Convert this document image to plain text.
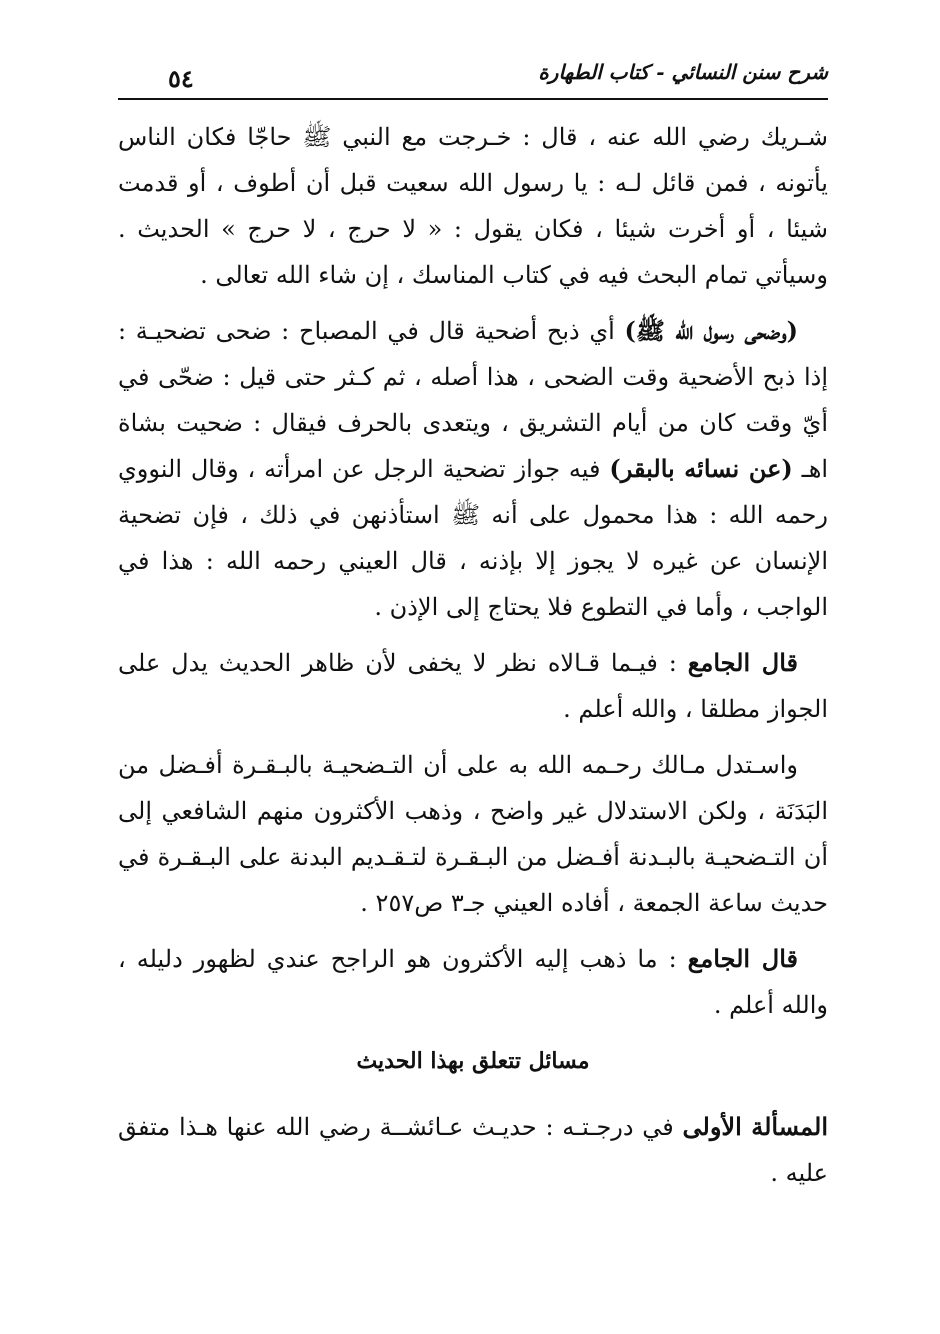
شرح سنن النسائي - كتاب الطهارة
٥٤

شـريك رضي الله عنه ، قال : خـرجت مع النبي ﷺ حاجّا فكان الناس يأتونه ، فمن قائل لـه : يا رسول الله سعيت قبل أن أطوف ، أو قدمت شيئا ، أو أخرت شيئا ، فكان يقول : « لا حرج ، لا حرج » الحديث . وسيأتي تمام البحث فيه في كتاب المناسك ، إن شاء الله تعالى .

(وضحى رسول الله ﷺ) أي ذبح أضحية قال في المصباح : ضحى تضحيـة : إذا ذبح الأضحية وقت الضحى ، هذا أصله ، ثم كـثر حتى قيل : ضحّى في أيّ وقت كان من أيام التشريق ، ويتعدى بالحرف فيقال : ضحيت بشاة اهـ (عن نسائه بالبقر) فيه جواز تضحية الرجل عن امرأته ، وقال النووي رحمه الله : هذا محمول على أنه ﷺ استأذنهن في ذلك ، فإن تضحية الإنسان عن غيره لا يجوز إلا بإذنه ، قال العيني رحمه الله : هذا في الواجب ، وأما في التطوع فلا يحتاج إلى الإذن .

قال الجامع : فيـما قـالاه نظر لا يخفى لأن ظاهر الحديث يدل على الجواز مطلقا ، والله أعلم .

واسـتدل مـالك رحـمه الله به على أن التـضحيـة بالبـقـرة أفـضل من البَدَنَة ، ولكن الاستدلال غير واضح ، وذهب الأكثرون منهم الشافعي إلى أن التـضحيـة بالبـدنة أفـضل من البـقـرة لتـقـديم البدنة على البـقـرة في حديث ساعة الجمعة ، أفاده العيني جـ٣ ص٢٥٧ .

قال الجامع : ما ذهب إليه الأكثرون هو الراجح عندي لظهور دليله ، والله أعلم .

مسائل تتعلق بهذا الحديث

المسألة الأولى في درجـتـه : حديـث عـائشــة رضي الله عنها هـذا متفق عليه .
